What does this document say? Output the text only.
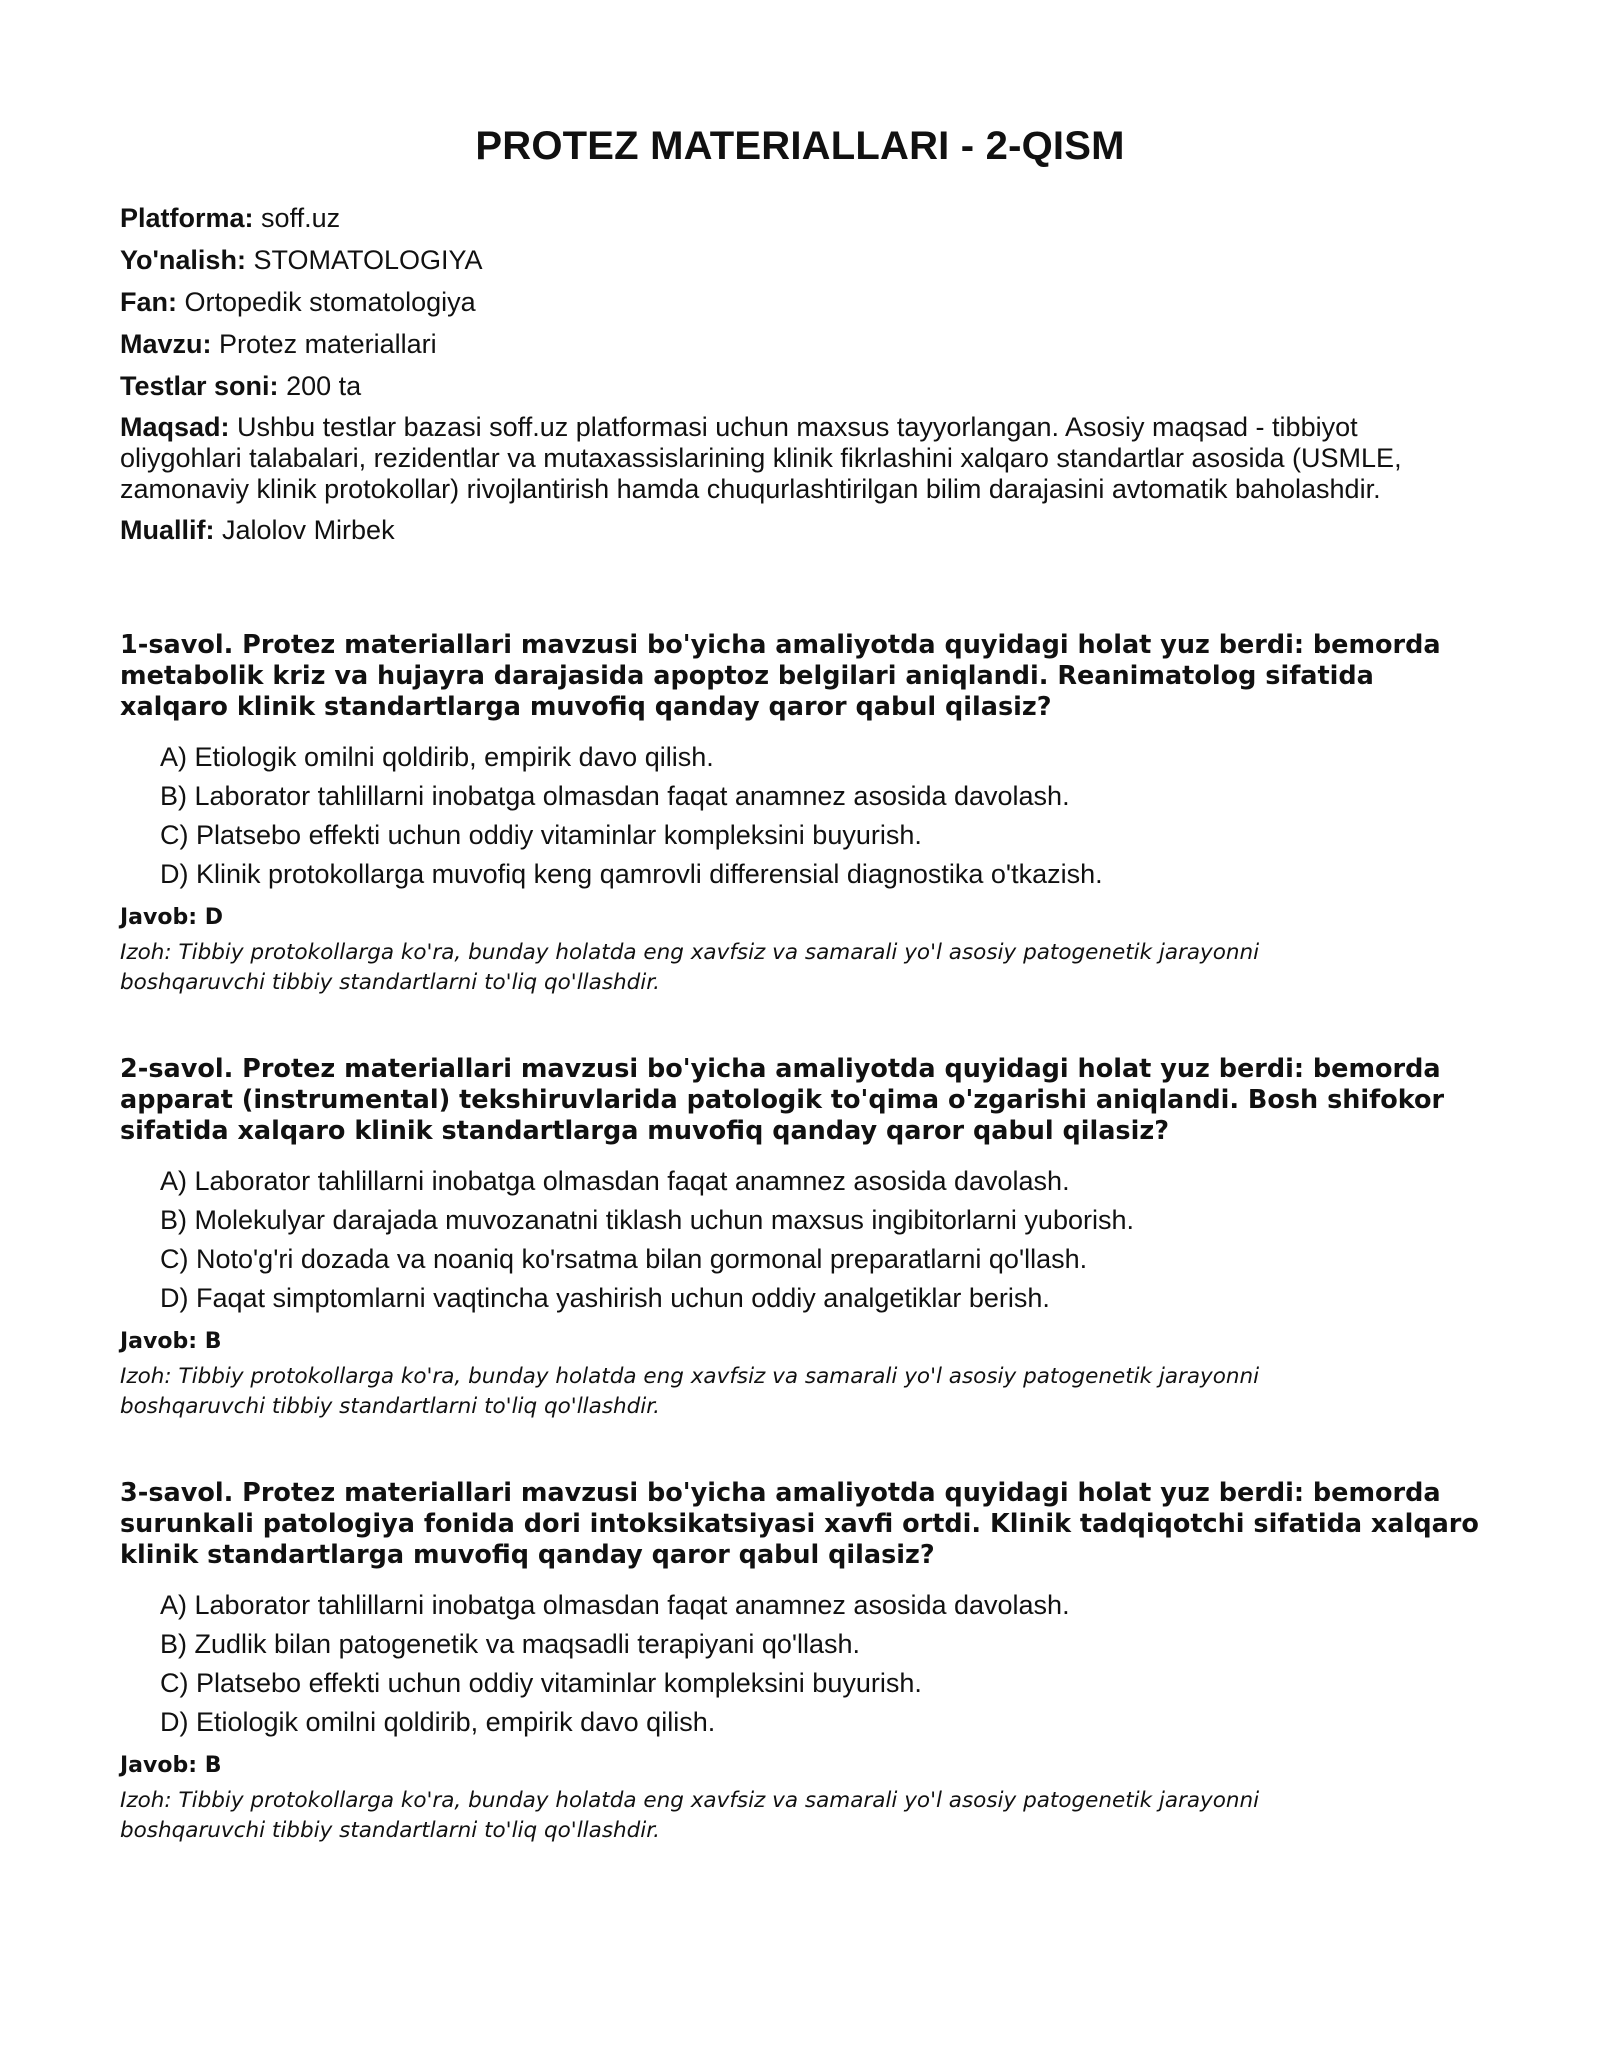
PROTEZ MATERIALLARI - 2-QISM
Platforma: soff.uz
Yo'nalish: STOMATOLOGIYA
Fan: Ortopedik stomatologiya
Mavzu: Protez materiallari
Testlar soni: 200 ta
Maqsad: Ushbu testlar bazasi soff.uz platformasi uchun maxsus tayyorlangan. Asosiy maqsad - tibbiyot oliygohlari talabalari, rezidentlar va mutaxassislarining klinik fikrlashini xalqaro standartlar asosida (USMLE, zamonaviy klinik protokollar) rivojlantirish hamda chuqurlashtirilgan bilim darajasini avtomatik baholashdir.
Muallif: Jalolov Mirbek

1-savol. Protez materiallari mavzusi bo'yicha amaliyotda quyidagi holat yuz berdi: bemorda metabolik kriz va hujayra darajasida apoptoz belgilari aniqlandi. Reanimatolog sifatida xalqaro klinik standartlarga muvofiq qanday qaror qabul qilasiz?

A) Etiologik omilni qoldirib, empirik davo qilish.
B) Laborator tahlillarni inobatga olmasdan faqat anamnez asosida davolash.
C) Platsebo effekti uchun oddiy vitaminlar kompleksini buyurish.
D) Klinik protokollarga muvofiq keng qamrovli differensial diagnostika o'tkazish.

Javob: D

Izoh: Tibbiy protokollarga ko'ra, bunday holatda eng xavfsiz va samarali yo'l asosiy patogenetik jarayonni boshqaruvchi tibbiy standartlarni to'liq qo'llashdir.

2-savol. Protez materiallari mavzusi bo'yicha amaliyotda quyidagi holat yuz berdi: bemorda apparat (instrumental) tekshiruvlarida patologik to'qima o'zgarishi aniqlandi. Bosh shifokor sifatida xalqaro klinik standartlarga muvofiq qanday qaror qabul qilasiz?

A) Laborator tahlillarni inobatga olmasdan faqat anamnez asosida davolash.
B) Molekulyar darajada muvozanatni tiklash uchun maxsus ingibitorlarni yuborish.
C) Noto'g'ri dozada va noaniq ko'rsatma bilan gormonal preparatlarni qo'llash.
D) Faqat simptomlarni vaqtincha yashirish uchun oddiy analgetiklar berish.

Javob: B

Izoh: Tibbiy protokollarga ko'ra, bunday holatda eng xavfsiz va samarali yo'l asosiy patogenetik jarayonni boshqaruvchi tibbiy standartlarni to'liq qo'llashdir.

3-savol. Protez materiallari mavzusi bo'yicha amaliyotda quyidagi holat yuz berdi: bemorda surunkali patologiya fonida dori intoksikatsiyasi xavfi ortdi. Klinik tadqiqotchi sifatida xalqaro klinik standartlarga muvofiq qanday qaror qabul qilasiz?

A) Laborator tahlillarni inobatga olmasdan faqat anamnez asosida davolash.
B) Zudlik bilan patogenetik va maqsadli terapiyani qo'llash.
C) Platsebo effekti uchun oddiy vitaminlar kompleksini buyurish.
D) Etiologik omilni qoldirib, empirik davo qilish.

Javob: B

Izoh: Tibbiy protokollarga ko'ra, bunday holatda eng xavfsiz va samarali yo'l asosiy patogenetik jarayonni boshqaruvchi tibbiy standartlarni to'liq qo'llashdir.
